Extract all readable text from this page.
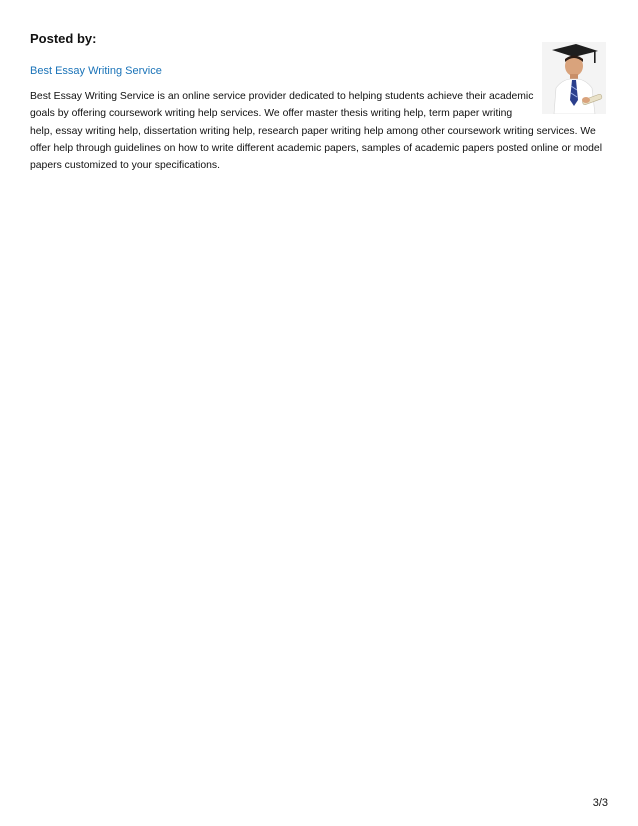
Posted by:
Best Essay Writing Service
Best Essay Writing Service is an online service provider dedicated to helping students achieve their academic goals by offering coursework writing help services. We offer master thesis writing help, term paper writing help, essay writing help, dissertation writing help, research paper writing help among other coursework writing services. We offer help through guidelines on how to write different academic papers, samples of academic papers posted online or model papers customized to your specifications.
3/3
